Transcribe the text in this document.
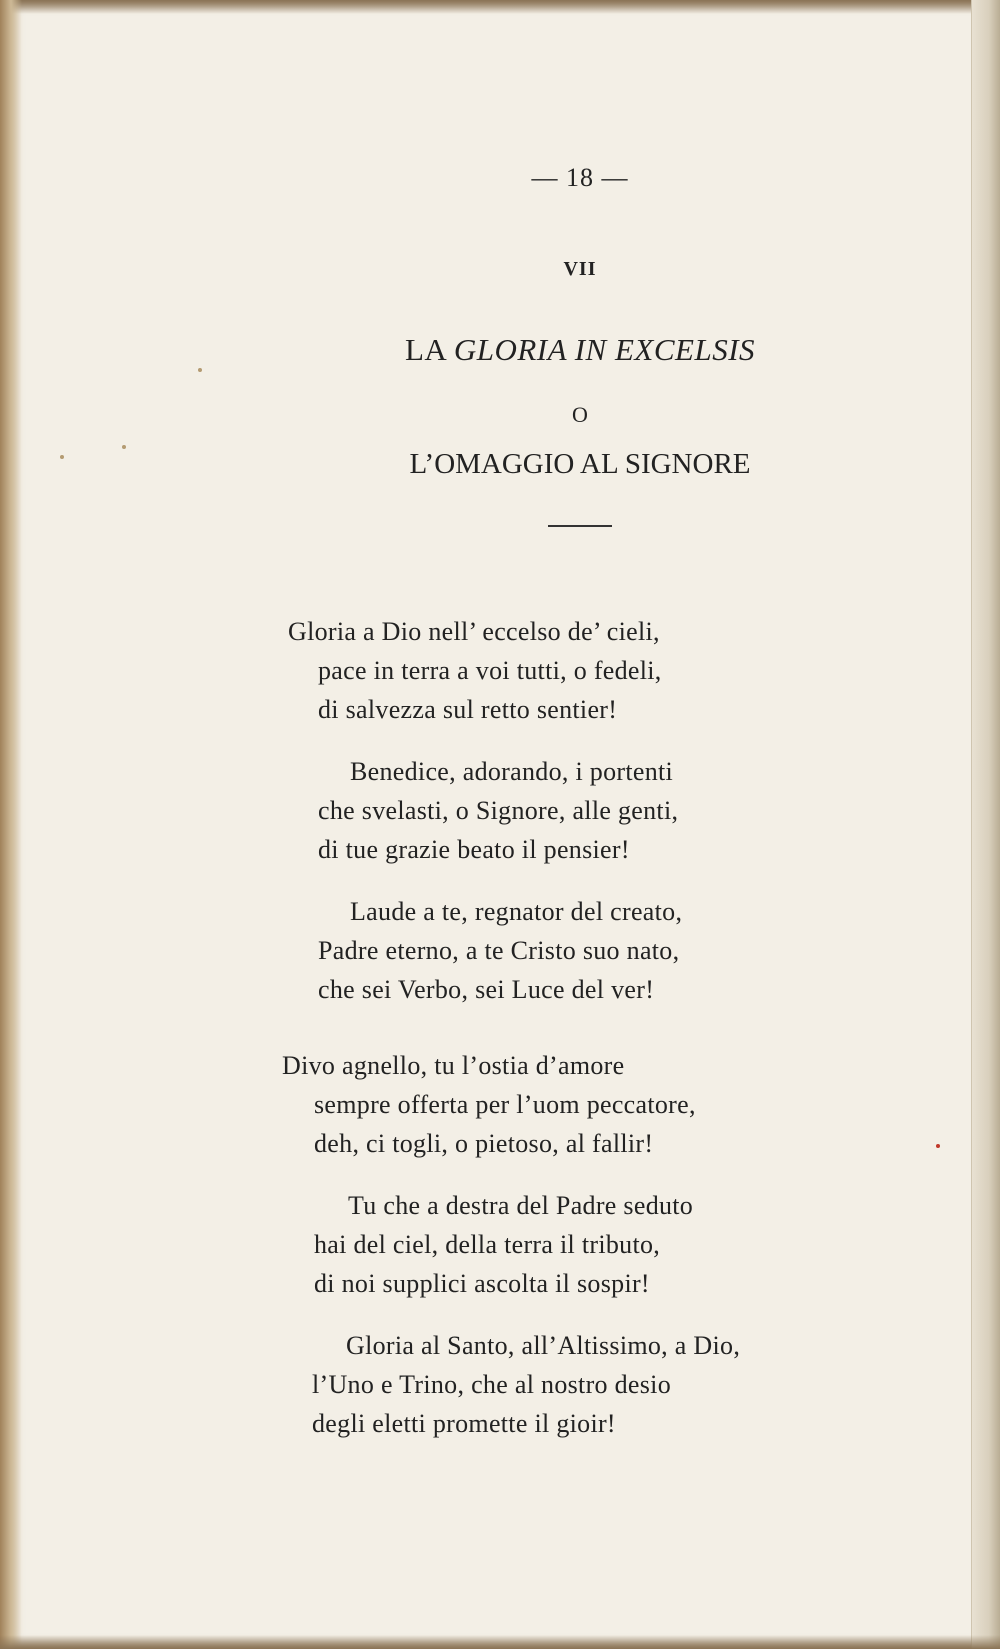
— 18 —
VII
LA GLORIA IN EXCELSIS
O
L’OMAGGIO AL SIGNORE
Gloria a Dio nell’ eccelso de’ cieli,
pace in terra a voi tutti, o fedeli,
di salvezza sul retto sentier!
Benedice, adorando, i portenti
che svelasti, o Signore, alle genti,
di tue grazie beato il pensier!
Laude a te, regnator del creato,
Padre eterno, a te Cristo suo nato,
che sei Verbo, sei Luce del ver!
Divo agnello, tu l’ostia d’amore
sempre offerta per l’uom peccatore,
deh, ci togli, o pietoso, al fallir!
Tu che a destra del Padre seduto
hai del ciel, della terra il tributo,
di noi supplici ascolta il sospir!
Gloria al Santo, all’Altissimo, a Dio,
l’Uno e Trino, che al nostro desio
degli eletti promette il gioir!
